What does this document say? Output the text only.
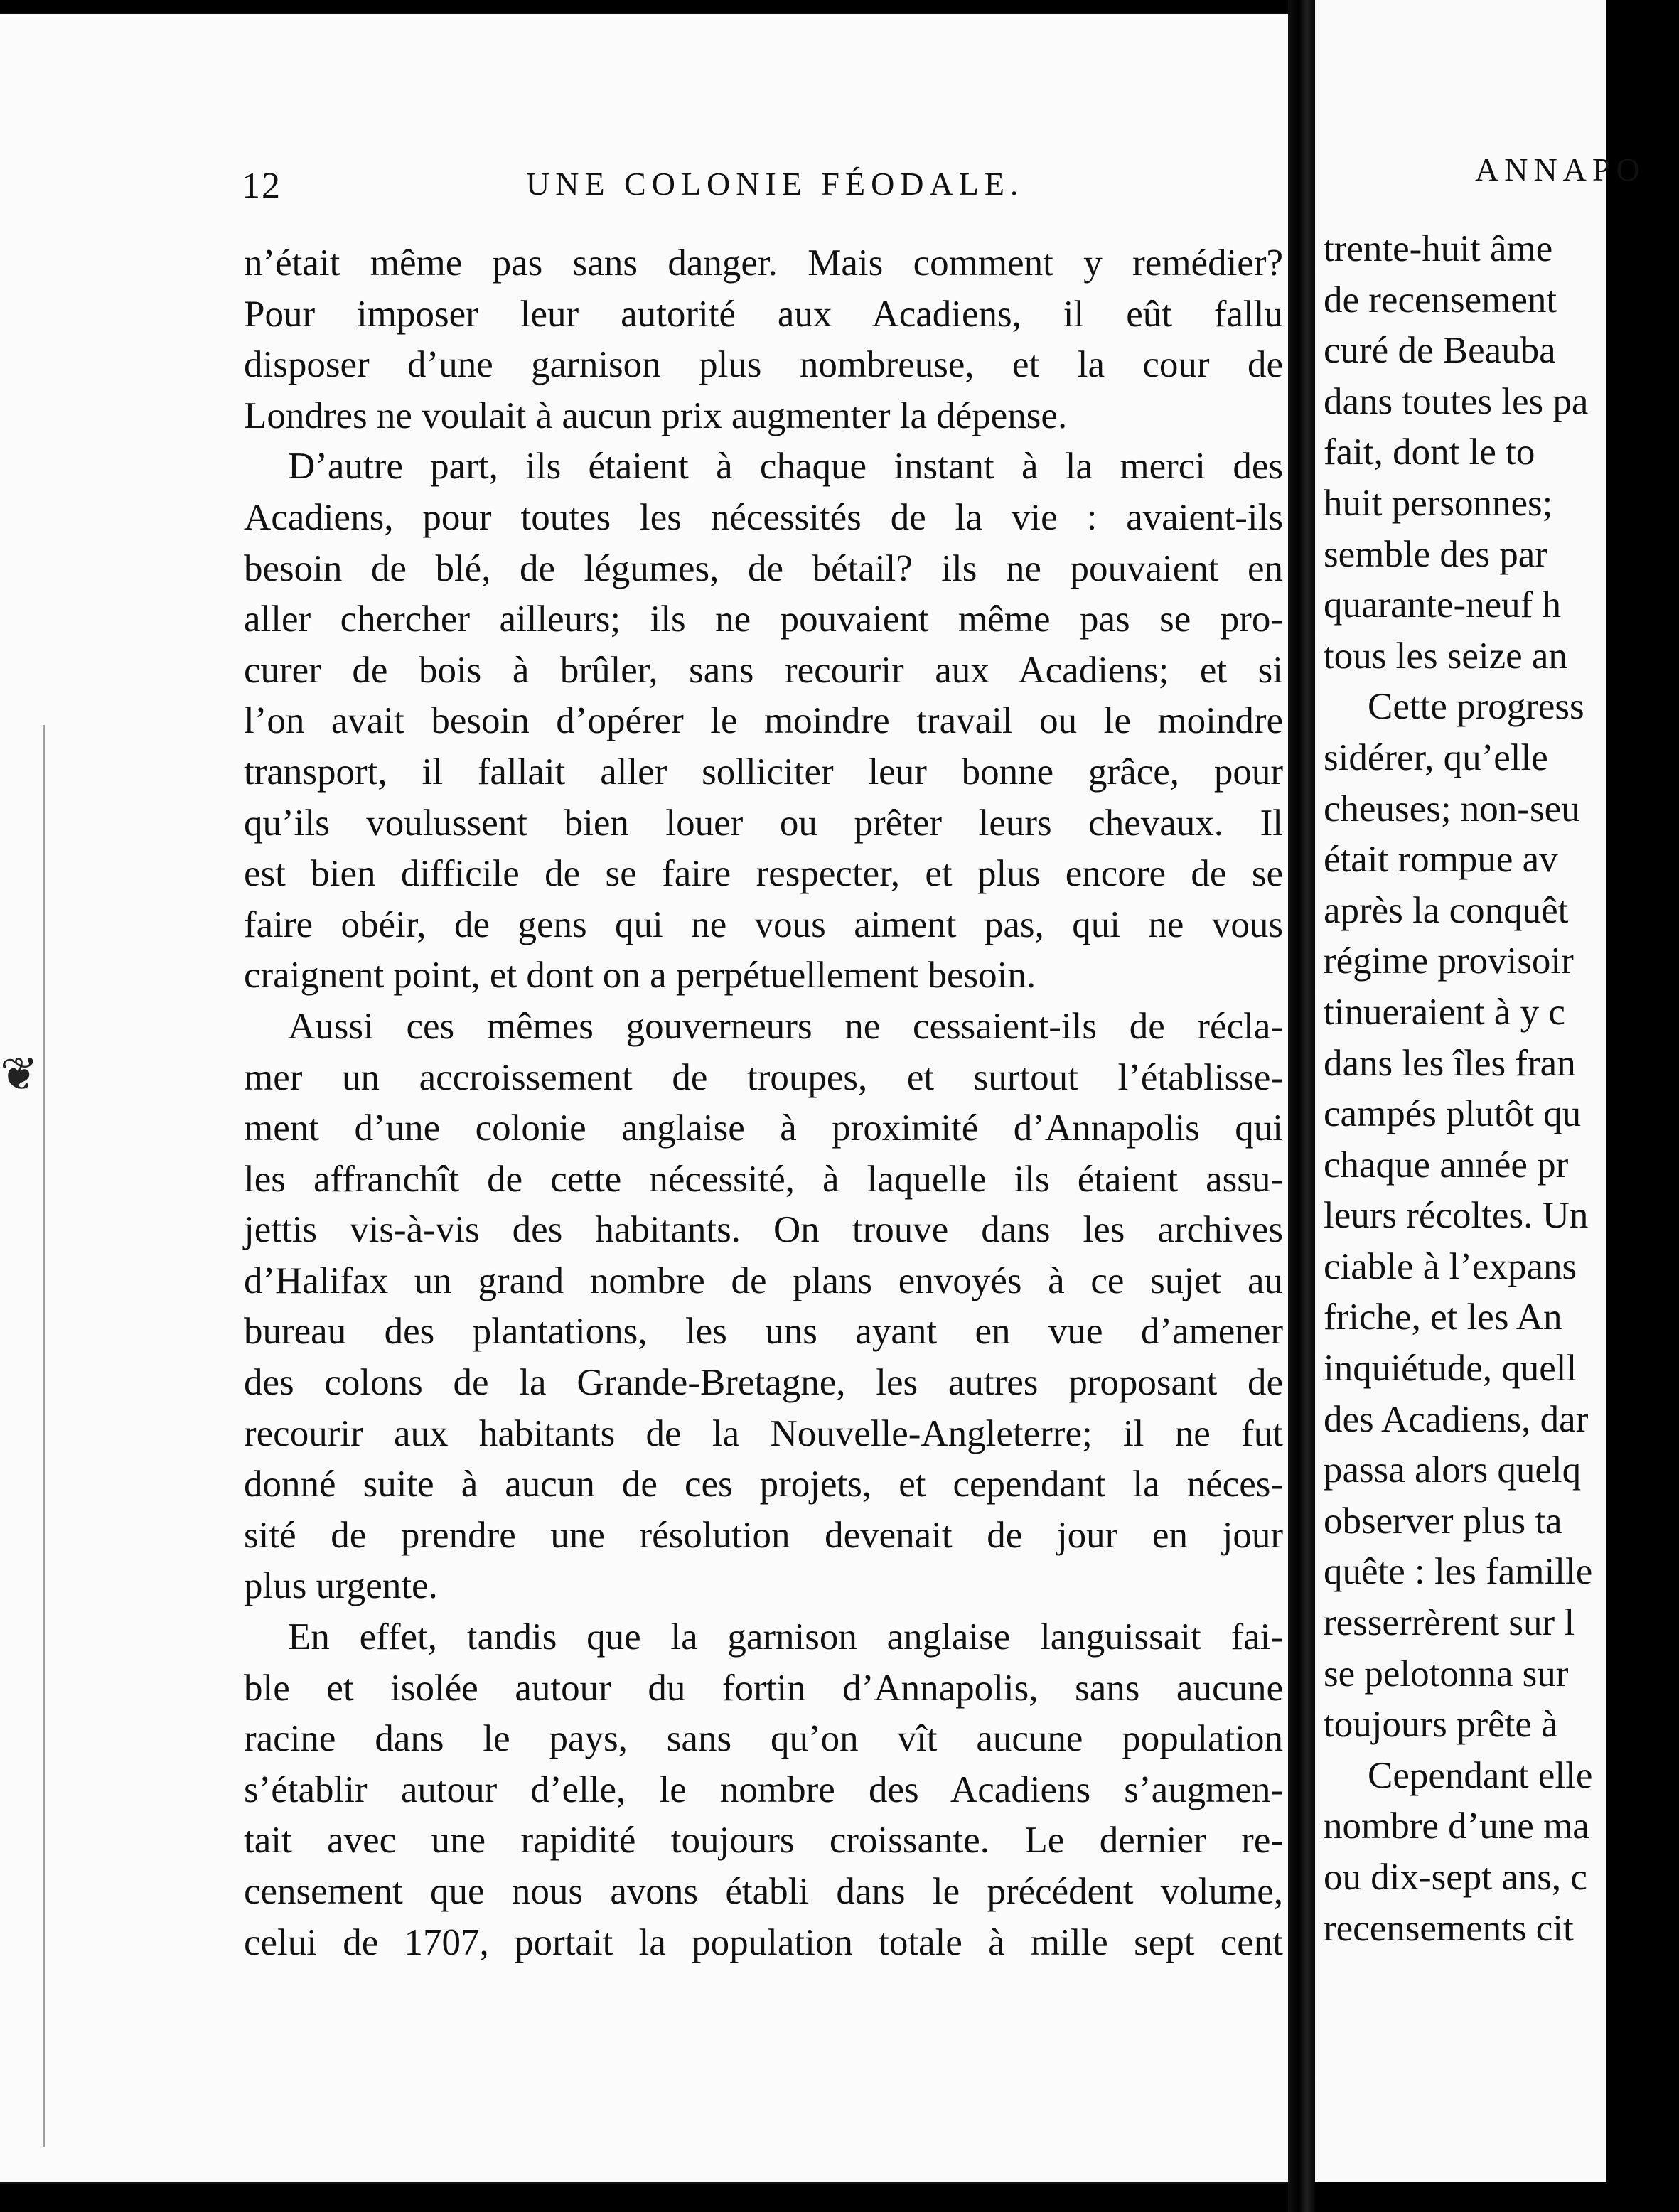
❦
12	UNE COLONIE FÉODALE.
n’était même pas sans danger. Mais comment y remédier?
Pour imposer leur autorité aux Acadiens, il eût fallu
disposer d’une garnison plus nombreuse, et la cour de
Londres ne voulait à aucun prix augmenter la dépense.
D’autre part, ils étaient à chaque instant à la merci des
Acadiens, pour toutes les nécessités de la vie : avaient-ils
besoin de blé, de légumes, de bétail? ils ne pouvaient en
aller chercher ailleurs; ils ne pouvaient même pas se pro-
curer de bois à brûler, sans recourir aux Acadiens; et si
l’on avait besoin d’opérer le moindre travail ou le moindre
transport, il fallait aller solliciter leur bonne grâce, pour
qu’ils voulussent bien louer ou prêter leurs chevaux. Il
est bien difficile de se faire respecter, et plus encore de se
faire obéir, de gens qui ne vous aiment pas, qui ne vous
craignent point, et dont on a perpétuellement besoin.
Aussi ces mêmes gouverneurs ne cessaient-ils de récla-
mer un accroissement de troupes, et surtout l’établisse-
ment d’une colonie anglaise à proximité d’Annapolis qui
les affranchît de cette nécessité, à laquelle ils étaient assu-
jettis vis-à-vis des habitants. On trouve dans les archives
d’Halifax un grand nombre de plans envoyés à ce sujet au
bureau des plantations, les uns ayant en vue d’amener
des colons de la Grande-Bretagne, les autres proposant de
recourir aux habitants de la Nouvelle-Angleterre; il ne fut
donné suite à aucun de ces projets, et cependant la néces-
sité de prendre une résolution devenait de jour en jour
plus urgente.
En effet, tandis que la garnison anglaise languissait fai-
ble et isolée autour du fortin d’Annapolis, sans aucune
racine dans le pays, sans qu’on vît aucune population
s’établir autour d’elle, le nombre des Acadiens s’augmen-
tait avec une rapidité toujours croissante. Le dernier re-
censement que nous avons établi dans le précédent volume,
celui de 1707, portait la population totale à mille sept cent
ANNAPO
trente-huit âme
de recensement
curé de Beauba
dans toutes les pa
fait, dont le to
huit personnes;
semble des par
quarante-neuf h
tous les seize an
Cette progress
sidérer, qu’elle
cheuses; non-seu
était rompue av
après la conquêt
régime provisoir
tinueraient à y c
dans les îles fran
campés plutôt qu
chaque année pr
leurs récoltes. Un
ciable à l’expans
friche, et les An
inquiétude, quell
des Acadiens, dar
passa alors quelq
observer plus ta
quête : les famille
resserrèrent sur l
se pelotonna sur
toujours prête à
Cependant elle
nombre d’une ma
ou dix-sept ans, c
recensements cit
